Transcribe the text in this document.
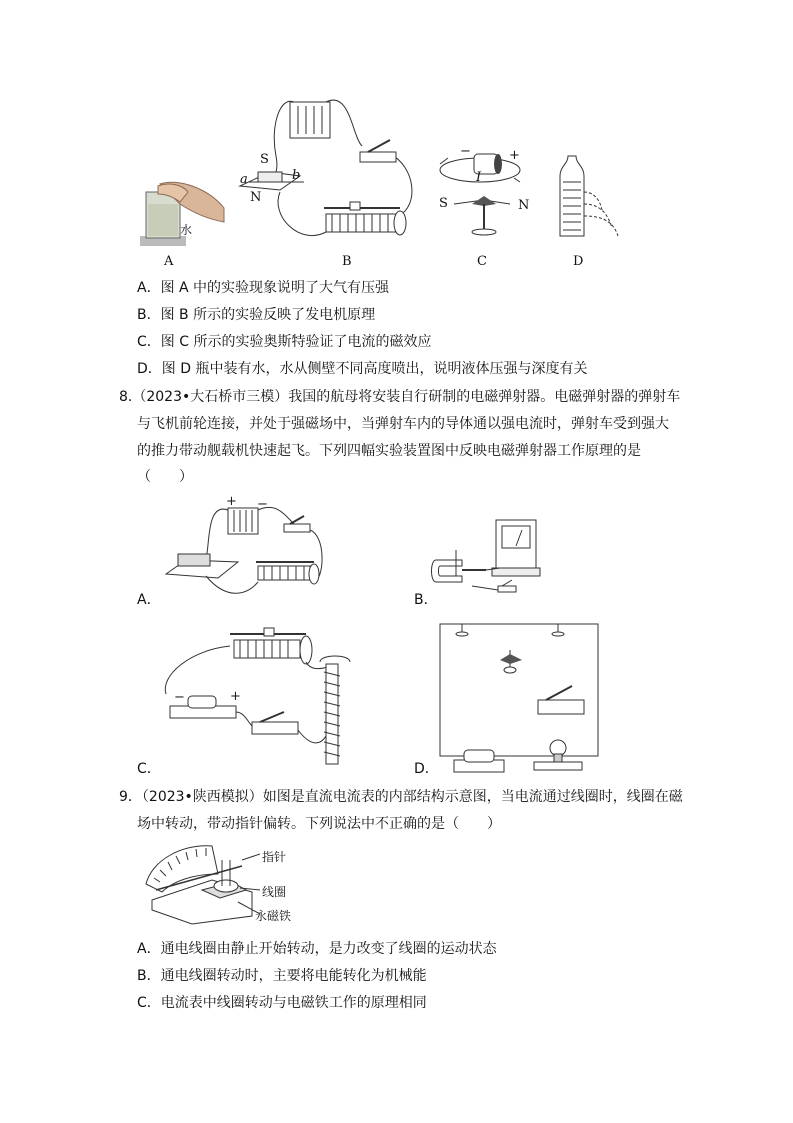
水
A
S
N
a	b
B
−	+
I
S	N
C	D
A．图 A 中的实验现象说明了大气有压强
B．图 B 所示的实验反映了发电机原理
C．图 C 所示的实验奥斯特验证了电流的磁效应
D．图 D 瓶中装有水，水从侧壁不同高度喷出，说明液体压强与深度有关
8.（2023•大石桥市三模）我国的航母将安装自行研制的电磁弹射器。电磁弹射器的弹射车
与飞机前轮连接，并处于强磁场中，当弹射车内的导体通以强电流时，弹射车受到强大
的推力带动舰载机快速起飞。下列四幅实验装置图中反映电磁弹射器工作原理的是
（　　）
+ −
A．	B．
−	+
C．	D．
9．（2023•陕西模拟）如图是直流电流表的内部结构示意图，当电流通过线圈时，线圈在磁
场中转动，带动指针偏转。下列说法中不正确的是（　　）
指针
线圈
永磁铁
A．通电线圈由静止开始转动，是力改变了线圈的运动状态
B．通电线圈转动时，主要将电能转化为机械能
C．电流表中线圈转动与电磁铁工作的原理相同
